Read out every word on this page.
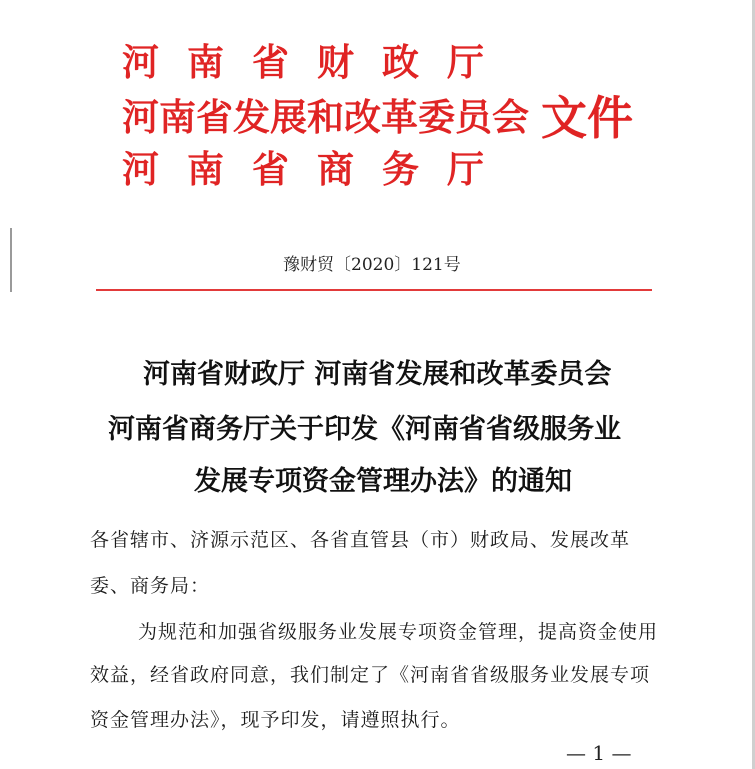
河南省财政厅
河南省发展和改革委员会
河南省商务厅
文件
豫财贸〔2020〕121号
河南省财政厅 河南省发展和改革委员会
河南省商务厅关于印发《河南省省级服务业
发展专项资金管理办法》的通知
各省辖市、济源示范区、各省直管县（市）财政局、发展改革
委、商务局：
为规范和加强省级服务业发展专项资金管理，提高资金使用
效益，经省政府同意，我们制定了《河南省省级服务业发展专项
资金管理办法》，现予印发，请遵照执行。
— 1 —
